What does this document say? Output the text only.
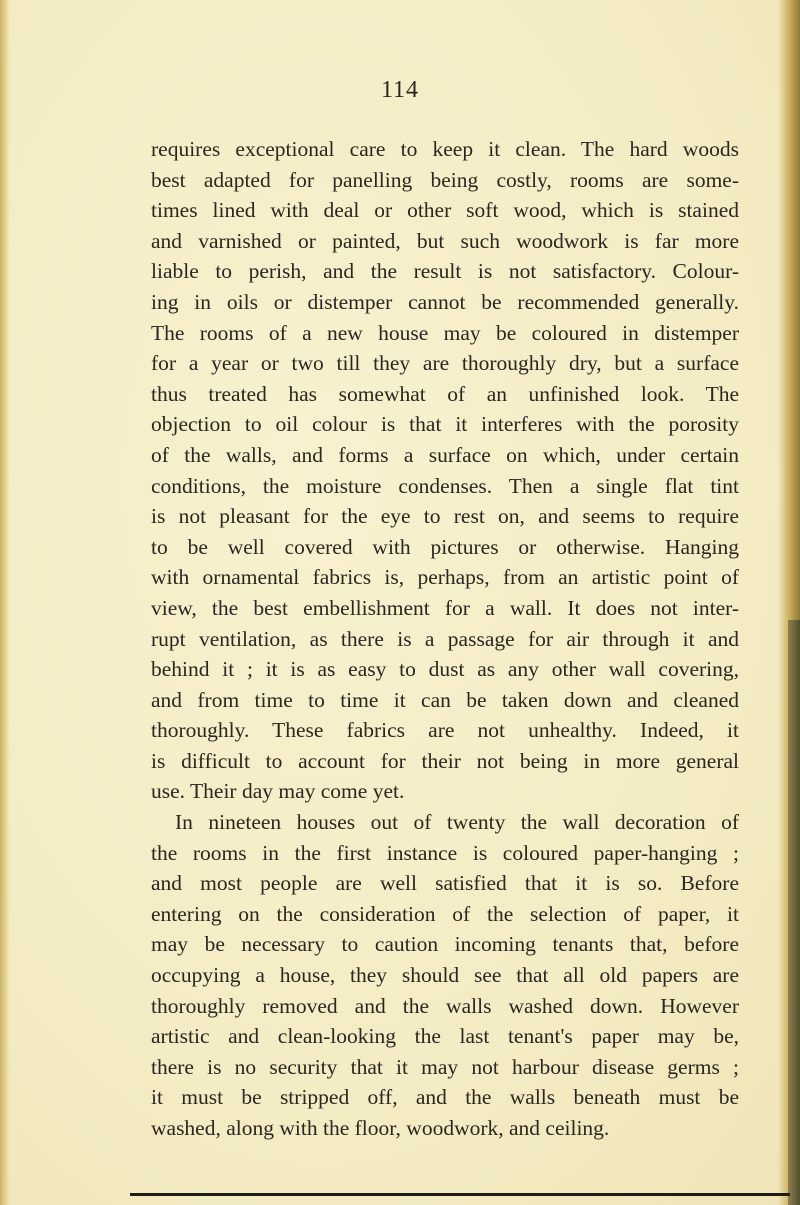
114
requires exceptional care to keep it clean. The hard woods
best adapted for panelling being costly, rooms are some-
times lined with deal or other soft wood, which is stained
and varnished or painted, but such woodwork is far more
liable to perish, and the result is not satisfactory. Colour-
ing in oils or distemper cannot be recommended generally.
The rooms of a new house may be coloured in distemper
for a year or two till they are thoroughly dry, but a surface
thus treated has somewhat of an unfinished look. The
objection to oil colour is that it interferes with the porosity
of the walls, and forms a surface on which, under certain
conditions, the moisture condenses. Then a single flat tint
is not pleasant for the eye to rest on, and seems to require
to be well covered with pictures or otherwise. Hanging
with ornamental fabrics is, perhaps, from an artistic point of
view, the best embellishment for a wall. It does not inter-
rupt ventilation, as there is a passage for air through it and
behind it ; it is as easy to dust as any other wall covering,
and from time to time it can be taken down and cleaned
thoroughly. These fabrics are not unhealthy. Indeed, it
is difficult to account for their not being in more general
use. Their day may come yet.
In nineteen houses out of twenty the wall decoration of
the rooms in the first instance is coloured paper-hanging ;
and most people are well satisfied that it is so. Before
entering on the consideration of the selection of paper, it
may be necessary to caution incoming tenants that, before
occupying a house, they should see that all old papers are
thoroughly removed and the walls washed down. However
artistic and clean-looking the last tenant's paper may be,
there is no security that it may not harbour disease germs ;
it must be stripped off, and the walls beneath must be
washed, along with the floor, woodwork, and ceiling.
